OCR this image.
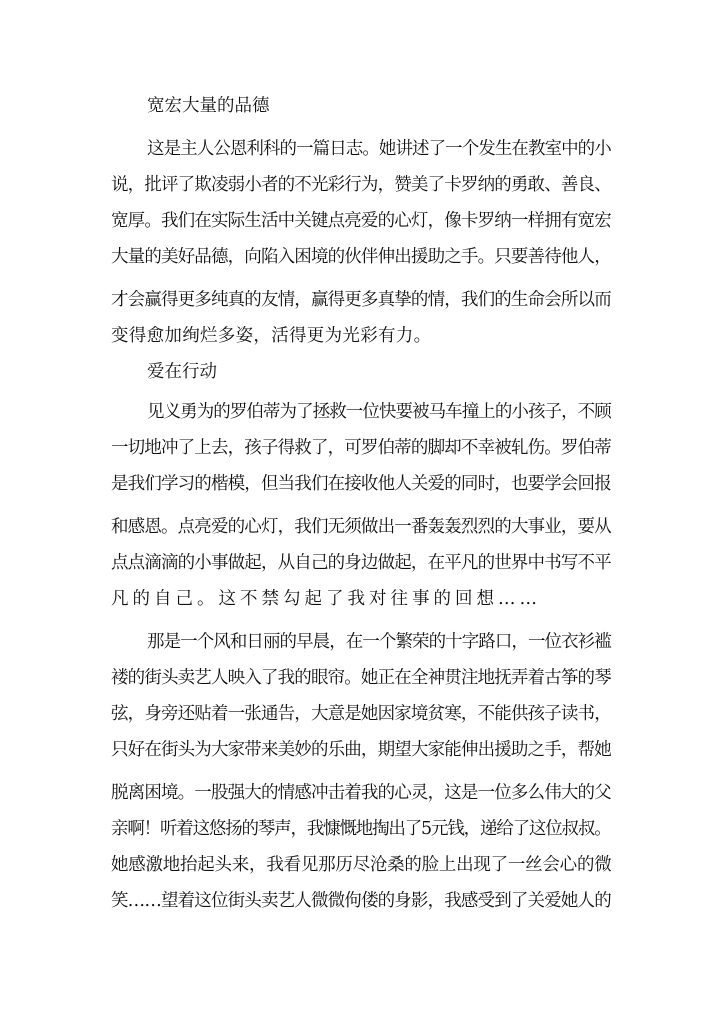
宽宏大量的品德
这是主人公恩利科的一篇日志。她讲述了一个发生在教室中的小
说，批评了欺凌弱小者的不光彩行为，赞美了卡罗纳的勇敢、善良、
宽厚。我们在实际生活中关键点亮爱的心灯，像卡罗纳一样拥有宽宏
大量的美好品德，向陷入困境的伙伴伸出援助之手。只要善待他人，
才会赢得更多纯真的友情，赢得更多真挚的情，我们的生命会所以而
变得愈加绚烂多姿，活得更为光彩有力。
爱在行动
见义勇为的罗伯蒂为了拯救一位快要被马车撞上的小孩子，不顾
一切地冲了上去，孩子得救了，可罗伯蒂的脚却不幸被轧伤。罗伯蒂
是我们学习的楷模，但当我们在接收他人关爱的同时，也要学会回报
和感恩。点亮爱的心灯，我们无须做出一番轰轰烈烈的大事业，要从
点点滴滴的小事做起，从自己的身边做起，在平凡的世界中书写不平
凡的自己。这不禁勾起了我对往事的回想……
那是一个风和日丽的早晨，在一个繁荣的十字路口，一位衣衫褴
褛的街头卖艺人映入了我的眼帘。她正在全神贯注地抚弄着古筝的琴
弦，身旁还贴着一张通告，大意是她因家境贫寒，不能供孩子读书，
只好在街头为大家带来美妙的乐曲，期望大家能伸出援助之手，帮她
脱离困境。一股强大的情感冲击着我的心灵，这是一位多么伟大的父
亲啊！听着这悠扬的琴声，我慷慨地掏出了5元钱，递给了这位叔叔。
她感激地抬起头来，我看见那历尽沧桑的脸上出现了一丝会心的微
笑……望着这位街头卖艺人微微佝偻的身影，我感受到了关爱她人的
